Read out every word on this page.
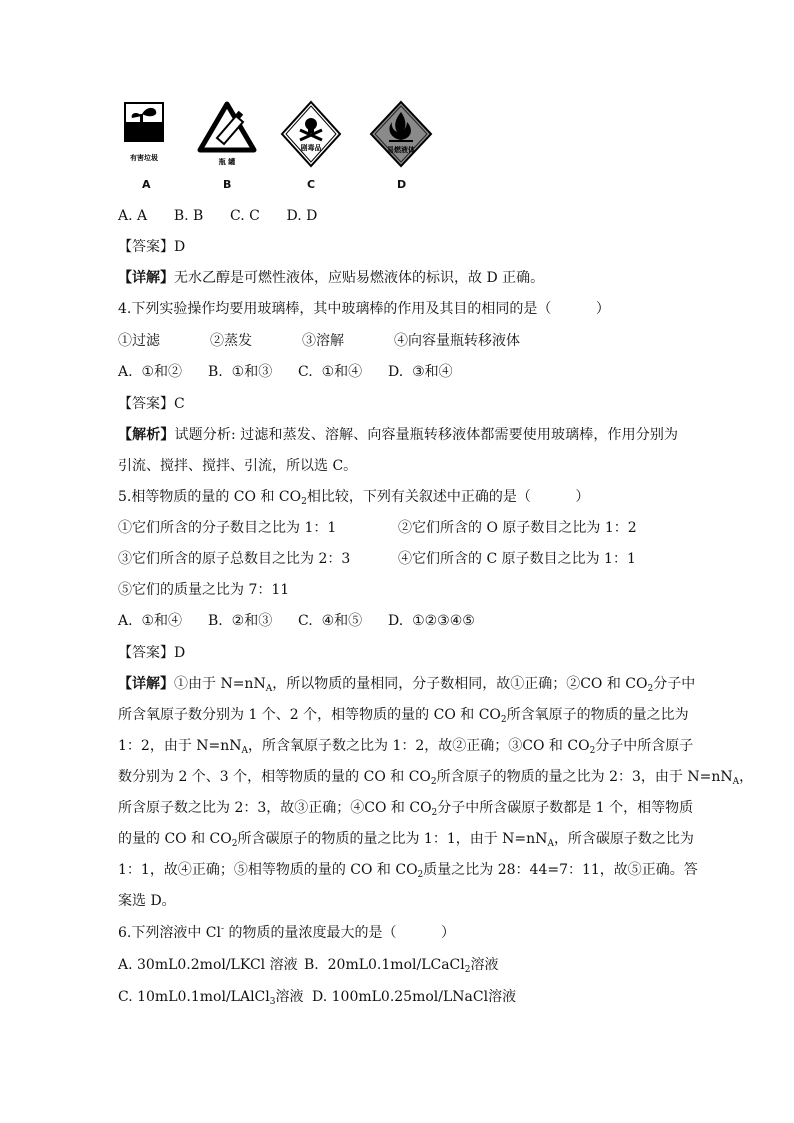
有害垃圾
A
瓶 罐
B
剧毒品
C
易燃液体
D
A. A      B. B      C. C      D. D
【答案】D
【详解】无水乙醇是可燃性液体，应贴易燃液体的标识，故 D 正确。
4.下列实验操作均要用玻璃棒，其中玻璃棒的作用及其目的相同的是（          ）
①过滤	②蒸发	③溶解	④向容量瓶转移液体
A.  ①和② B.  ①和③ C.  ①和④ D.  ③和④
【答案】C
【解析】试题分析: 过滤和蒸发、溶解、向容量瓶转移液体都需要使用玻璃棒，作用分别为
引流、搅拌、搅拌、引流，所以选 C。
5.相等物质的量的 CO 和 $CO_2$相比较，下列有关叙述中正确的是（          ）
①它们所含的分子数目之比为 1：1	②它们所含的 O 原子数目之比为 1：2
③它们所含的原子总数目之比为 2：3	④它们所含的 C 原子数目之比为 1：1
⑤它们的质量之比为 7：11
A.  ①和④ B.  ②和③ C.  ④和⑤ D.  ①②③④⑤
【答案】D
【详解】①由于 $N=nN_A$，所以物质的量相同，分子数相同，故①正确；②CO 和 $CO_2$分子中
所含氧原子数分别为 1 个、2 个，相等物质的量的 CO 和 $CO_2$所含氧原子的物质的量之比为
1：2，由于 $N=nN_A$，所含氧原子数之比为 1：2，故②正确；③CO 和 $CO_2$分子中所含原子
数分别为 2 个、3 个，相等物质的量的 CO 和 $CO_2$所含原子的物质的量之比为 2：3，由于 $N=nN_A$，
所含原子数之比为 2：3，故③正确；④CO 和 $CO_2$分子中所含碳原子数都是 1 个，相等物质
的量的 CO 和 $CO_2$所含碳原子的物质的量之比为 1：1，由于 $N=nN_A$，所含碳原子数之比为
1：1，故④正确；⑤相等物质的量的 CO 和 $CO_2$质量之比为 28：44=7：11，故⑤正确。答
案选 D。
6.下列溶液中 Cl- 的物质的量浓度最大的是（          ）
A. 30mL0.2mol/LKCl 溶液 B.  20mL0.1mol/LCaCl$_2$溶液
C. 10mL0.1mol/LAlCl$_3$溶液 D. 100mL0.25mol/LNaCl溶液
